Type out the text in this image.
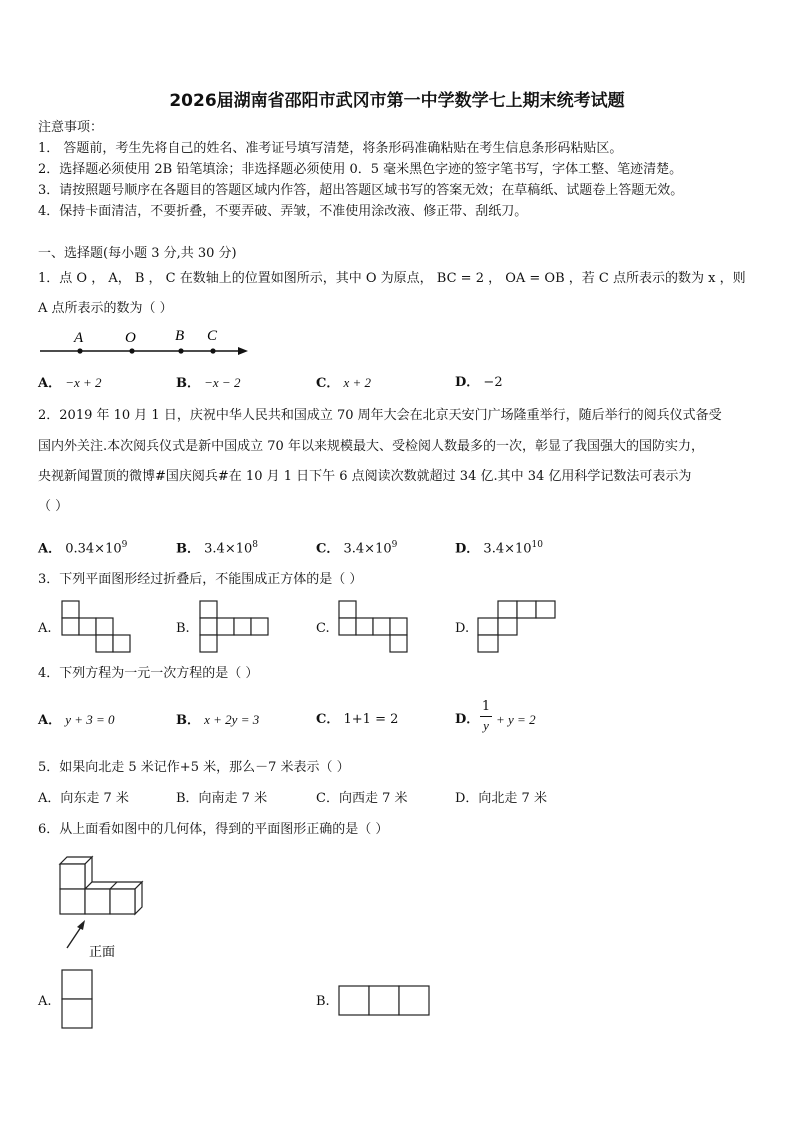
2026届湖南省邵阳市武冈市第一中学数学七上期末统考试题
注意事项：
1． 答题前，考生先将自己的姓名、准考证号填写清楚，将条形码准确粘贴在考生信息条形码粘贴区。
2．选择题必须使用 2B 铅笔填涂；非选择题必须使用 0．5 毫米黑色字迹的签字笔书写，字体工整、笔迹清楚。
3．请按照题号顺序在各题目的答题区域内作答，超出答题区域书写的答案无效；在草稿纸、试题卷上答题无效。
4．保持卡面清洁，不要折叠，不要弄破、弄皱，不准使用涂改液、修正带、刮纸刀。
一、选择题(每小题 3 分,共 30 分)
1．点 O ， A， B ， C 在数轴上的位置如图所示，其中 O 为原点， BC = 2 ， OA = OB ，若 C 点所表示的数为 x ，则
A 点所表示的数为（ ）
A	O	B C
A． −x + 2	B． −x − 2	C． x + 2	D． −2
2．2019 年 10 月 1 日，庆祝中华人民共和国成立 70 周年大会在北京天安门广场隆重举行，随后举行的阅兵仪式备受
国内外关注.本次阅兵仪式是新中国成立 70 年以来规模最大、受检阅人数最多的一次，彰显了我国强大的国防实力，
央视新闻置顶的微博#国庆阅兵#在 10 月 1 日下午 6 点阅读次数就超过 34 亿.其中 34 亿用科学记数法可表示为
（ ）
A． $0.34\times 10^9$	B． $3.4\times 10^8$	C． $3.4\times 10^9$	D． $3.4\times 10^{10}$
3．下列平面图形经过折叠后，不能围成正方体的是（ ）
A.	B.	C.	D.
4．下列方程为一元一次方程的是（ ）
A． y + 3 = 0	B． x + 2y = 3	C． 1+1 = 2	D．
1
y + y = 2
5．如果向北走 5 米记作+5 米，那么－7 米表示（ ）
A．向东走 7 米	B．向南走 7 米	C．向西走 7 米	D．向北走 7 米
6．从上面看如图中的几何体，得到的平面图形正确的是（ ）
正面
A.	B.
